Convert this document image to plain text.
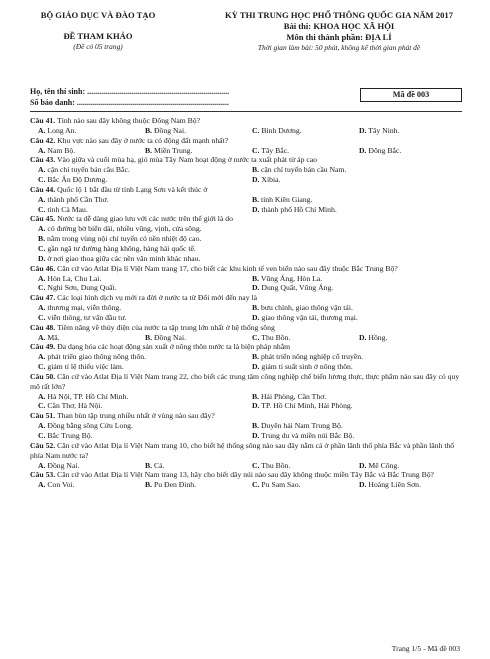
BỘ GIÁO DỤC VÀ ĐÀO TẠO
ĐỀ THAM KHẢO
(Đề có 05 trang)
KỲ THI TRUNG HỌC PHỔ THÔNG QUỐC GIA NĂM 2017
Bài thi: KHOA HỌC XÃ HỘI
Môn thi thành phần: ĐỊA LÍ
Thời gian làm bài: 50 phút, không kể thời gian phát đề
Họ, tên thí sinh: .......................................................................
Số báo danh: ............................................................................
Mã đề 003
Câu 41. Tỉnh nào sau đây không thuộc Đông Nam Bộ?
A. Long An.	B. Đồng Nai.	C. Bình Dương.	D. Tây Ninh.
Câu 42. Khu vực nào sau đây ở nước ta có động đất mạnh nhất?
A. Nam Bộ.	B. Miền Trung.	C. Tây Bắc.	D. Đông Bắc.
Câu 43. Vào giữa và cuối mùa hạ, gió mùa Tây Nam hoạt động ở nước ta xuất phát từ áp cao
A. cận chí tuyến bán cầu Bắc.	B. cận chí tuyến bán cầu Nam.
C. Bắc Ấn Độ Dương.	D. Xibia.
Câu 44. Quốc lộ 1 bắt đầu từ tỉnh Lạng Sơn và kết thúc ở
A. thành phố Cần Thơ.	B. tỉnh Kiên Giang.
C. tỉnh Cà Mau.	D. thành phố Hồ Chí Minh.
Câu 45. Nước ta dễ dàng giao lưu với các nước trên thế giới là do
A. có đường bờ biển dài, nhiều vũng, vịnh, cửa sông.
B. nằm trong vùng nội chí tuyến có nền nhiệt độ cao.
C. gần ngã tư đường hàng không, hàng hải quốc tế.
D. ở nơi giao thoa giữa các nền văn minh khác nhau.
Câu 46. Căn cứ vào Atlat Địa lí Việt Nam trang 17, cho biết các khu kinh tế ven biển nào sau đây thuộc Bắc Trung Bộ?
A. Hòn La, Chu Lai.	B. Vũng Áng, Hòn La.
C. Nghi Sơn, Dung Quất.	D. Dung Quất, Vũng Áng.
Câu 47. Các loại hình dịch vụ mới ra đời ở nước ta từ Đổi mới đến nay là
A. thương mại, viễn thông.	B. bưu chính, giao thông vận tải.
C. viễn thông, tư vấn đầu tư.	D. giao thông vận tải, thương mại.
Câu 48. Tiềm năng về thủy điện của nước ta tập trung lớn nhất ở hệ thống sông
A. Mã.	B. Đồng Nai.	C. Thu Bồn.	D. Hồng.
Câu 49. Đa dạng hóa các hoạt động sản xuất ở nông thôn nước ta là biện pháp nhằm
A. phát triển giao thông nông thôn.	B. phát triển nông nghiệp cổ truyền.
C. giảm tỉ lệ thiếu việc làm.	D. giảm tỉ suất sinh ở nông thôn.
Câu 50. Căn cứ vào Atlat Địa lí Việt Nam trang 22, cho biết các trung tâm công nghiệp chế biến lương thực, thực phẩm nào sau đây có quy mô rất lớn?
A. Hà Nội, TP. Hồ Chí Minh.	B. Hải Phòng, Cần Thơ.
C. Cần Thơ, Hà Nội.	D. TP. Hồ Chí Minh, Hải Phòng.
Câu 51. Than bùn tập trung nhiều nhất ở vùng nào sau đây?
A. Đồng bằng sông Cửu Long.	B. Duyên hải Nam Trung Bộ.
C. Bắc Trung Bộ.	D. Trung du và miền núi Bắc Bộ.
Câu 52. Căn cứ vào Atlat Địa lí Việt Nam trang 10, cho biết hệ thống sông nào sau đây nằm cả ở phần lãnh thổ phía Bắc và phần lãnh thổ phía Nam nước ta?
A. Đồng Nai.	B. Cả.	C. Thu Bồn.	D. Mê Công.
Câu 53. Căn cứ vào Atlat Địa lí Việt Nam trang 13, hãy cho biết dãy núi nào sau đây không thuộc miền Tây Bắc và Bắc Trung Bộ?
A. Con Voi.	B. Pu Đen Đinh.	C. Pu Sam Sao.	D. Hoàng Liên Sơn.
Trang 1/5 - Mã đề 003
